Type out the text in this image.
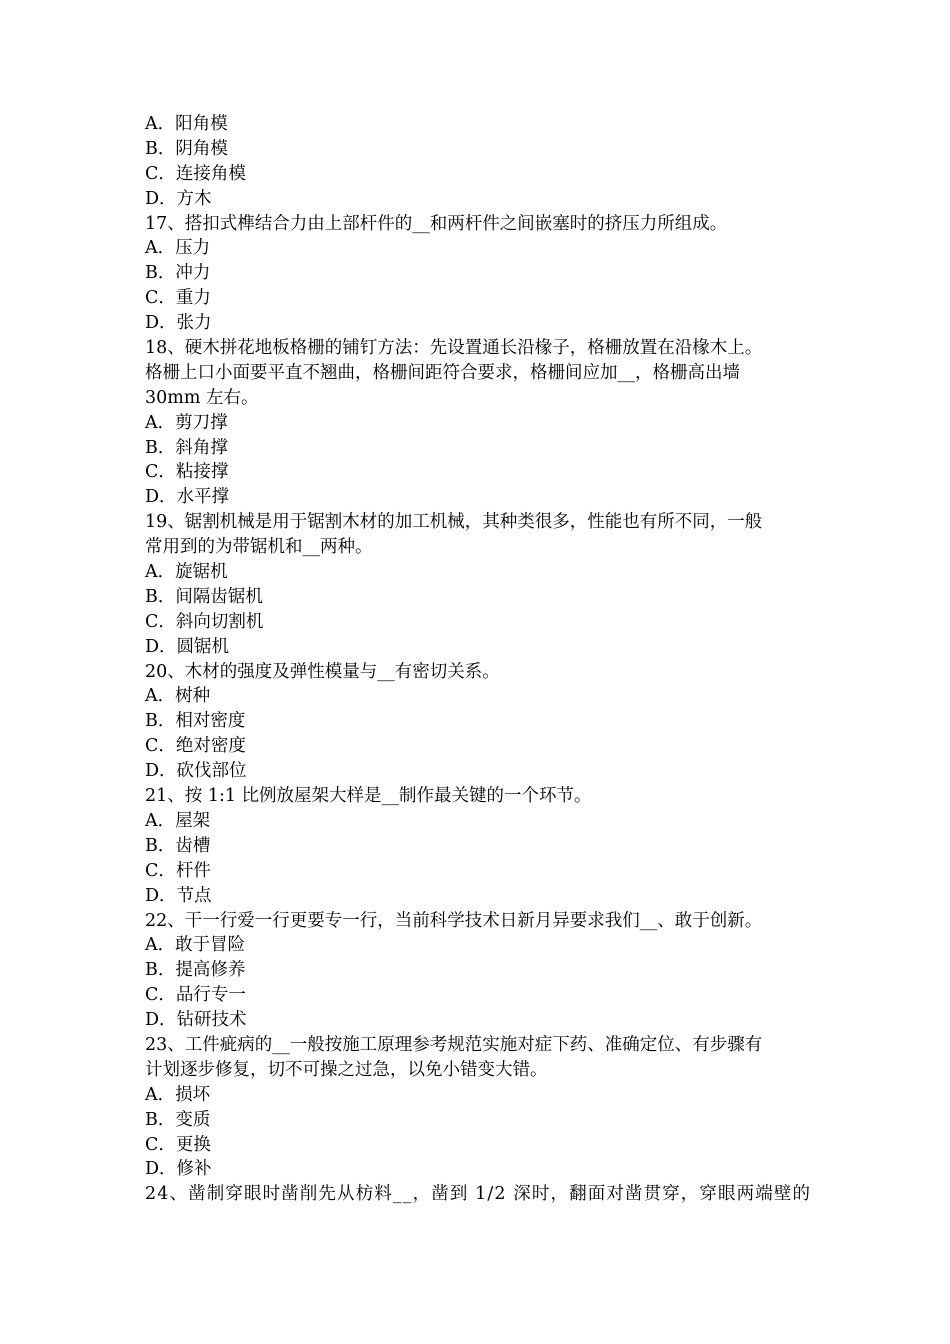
A．阳角模
B．阴角模
C．连接角模
D．方木
17、搭扣式榫结合力由上部杆件的__和两杆件之间嵌塞时的挤压力所组成。
A．压力
B．冲力
C．重力
D．张力
18、硬木拼花地板格栅的铺钉方法：先设置通长沿椽子，格栅放置在沿椽木上。
格栅上口小面要平直不翘曲，格栅间距符合要求，格栅间应加__，格栅高出墙
30mm 左右。
A．剪刀撑
B．斜角撑
C．粘接撑
D．水平撑
19、锯割机械是用于锯割木材的加工机械，其种类很多，性能也有所不同，一般
常用到的为带锯机和__两种。
A．旋锯机
B．间隔齿锯机
C．斜向切割机
D．圆锯机
20、木材的强度及弹性模量与__有密切关系。
A．树种
B．相对密度
C．绝对密度
D．砍伐部位
21、按 1:1 比例放屋架大样是__制作最关键的一个环节。
A．屋架
B．齿槽
C．杆件
D．节点
22、干一行爱一行更要专一行，当前科学技术日新月异要求我们__、敢于创新。
A．敢于冒险
B．提高修养
C．品行专一
D．钻研技术
23、工件疵病的__一般按施工原理参考规范实施对症下药、准确定位、有步骤有
计划逐步修复，切不可操之过急，以免小错变大错。
A．损坏
B．变质
C．更换
D．修补
24、凿制穿眼时凿削先从枋料__，凿到 1/2 深时，翻面对凿贯穿，穿眼两端壁的
